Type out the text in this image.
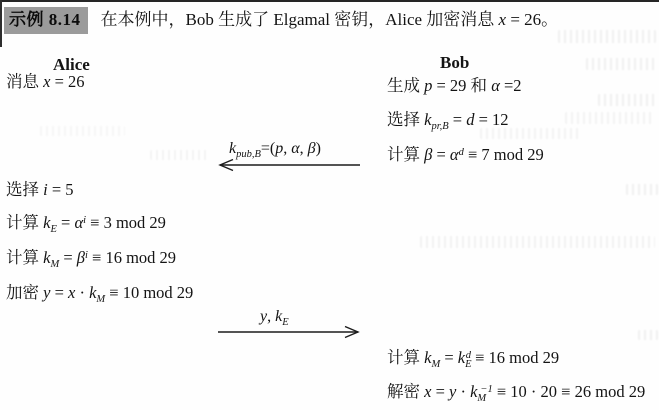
示例 8.14 在本例中，Bob 生成了 Elgamal 密钥，Alice 加密消息 x = 26。
Alice	Bob
消息 x = 26
选择 i = 5
计算 $k_E = \alpha^i \equiv 3$ mod 29
计算 $k_M = \beta^i \equiv 16$ mod 29
加密 $y = x \cdot k_M \equiv 10$ mod 29
生成 p = 29 和 α =2
选择 $k_{pr,B} = d = 12$
计算 $\beta = \alpha^d \equiv 7$ mod 29
计算 $k_M = k_E^d \equiv 16$ mod 29
解密 $x = y \cdot k_M^{-1} \equiv 10 \cdot 20 \equiv 26$ mod 29
$k_{pub,B}=(p$, α, β)
y, $k_E$
